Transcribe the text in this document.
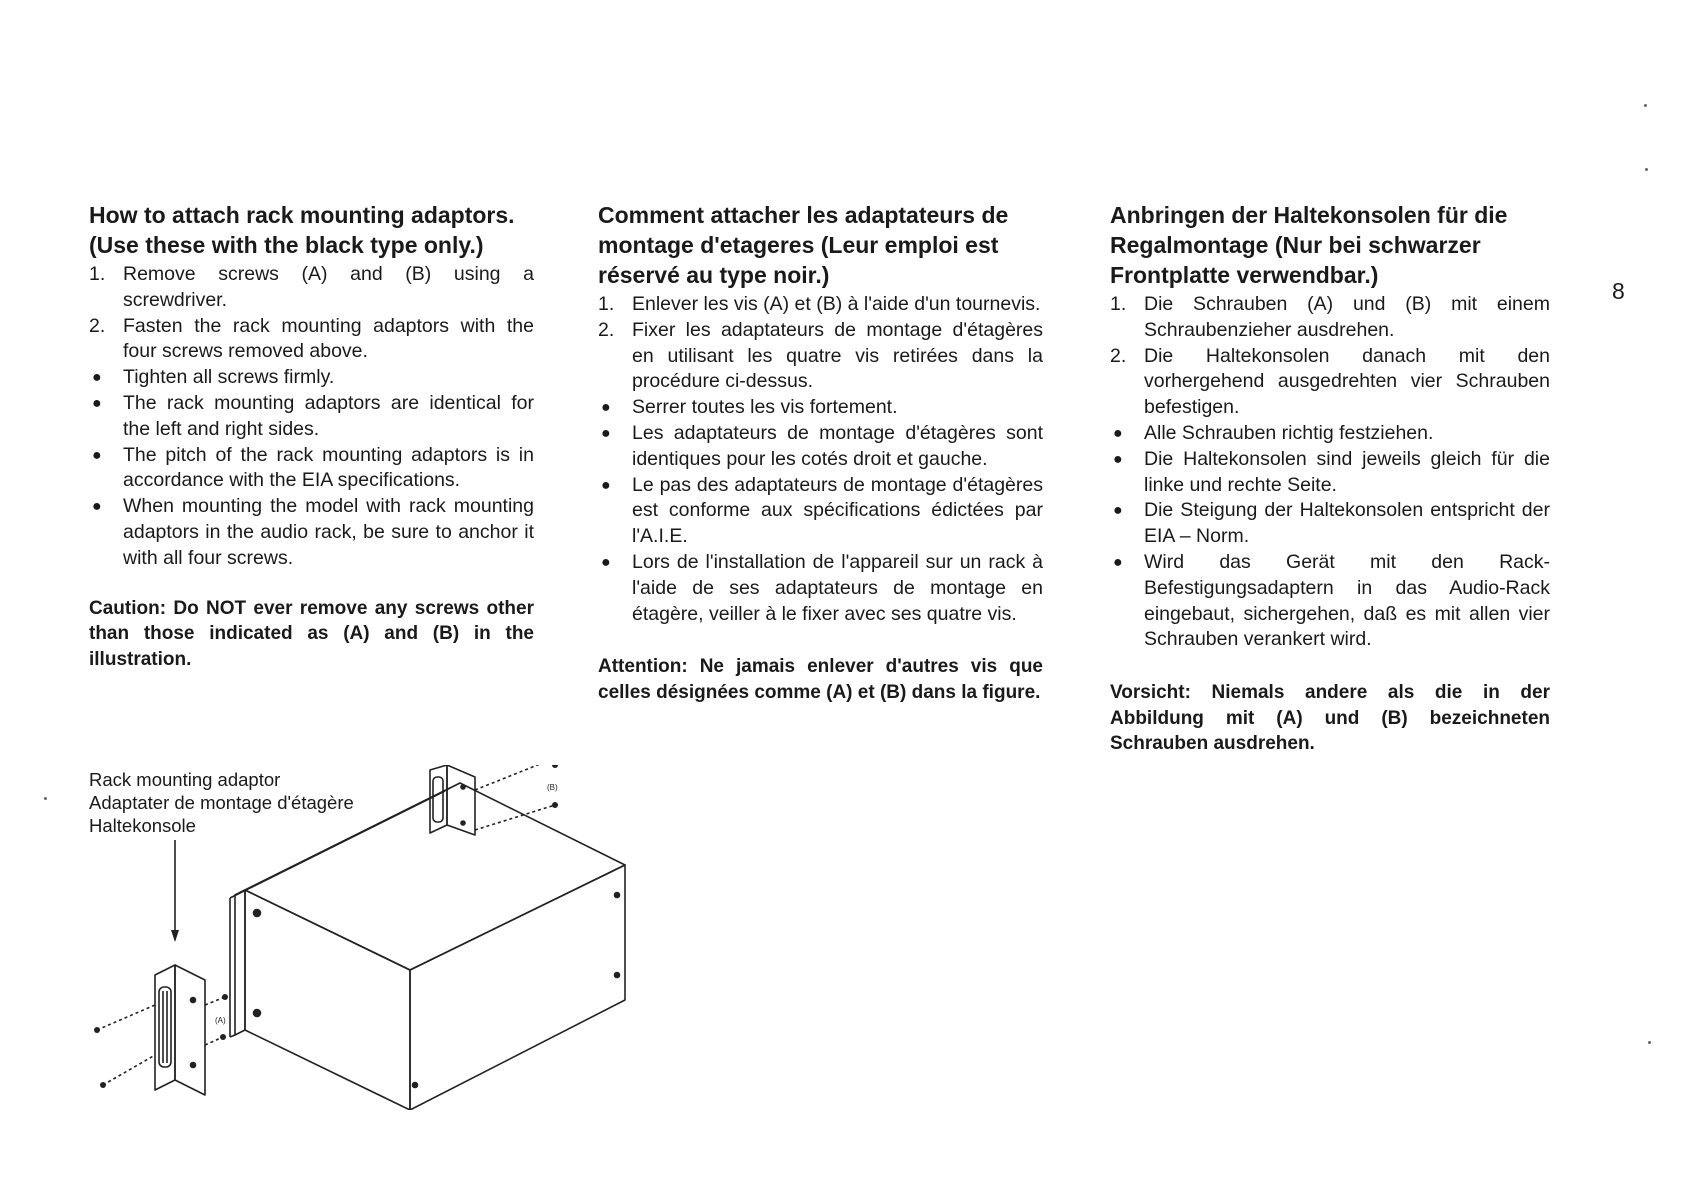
How to attach rack mounting adaptors.
(Use these with the black type only.)
1. Remove screws (A) and (B) using a screwdriver.
2. Fasten the rack mounting adaptors with the four screws removed above.
● Tighten all screws firmly.
● The rack mounting adaptors are identical for the left and right sides.
● The pitch of the rack mounting adaptors is in accordance with the EIA specifications.
● When mounting the model with rack mounting adaptors in the audio rack, be sure to anchor it with all four screws.

Caution: Do NOT ever remove any screws other than those indicated as (A) and (B) in the illustration.

Comment attacher les adaptateurs de
montage d'etageres (Leur emploi est
réservé au type noir.)
1. Enlever les vis (A) et (B) à l'aide d'un tournevis.
2. Fixer les adaptateurs de montage d'étagères en utilisant les quatre vis retirées dans la procédure ci-dessus.
● Serrer toutes les vis fortement.
● Les adaptateurs de montage d'étagères sont identiques pour les cotés droit et gauche.
● Le pas des adaptateurs de montage d'étagères est conforme aux spécifications édictées par l'A.I.E.
● Lors de l'installation de l'appareil sur un rack à l'aide de ses adaptateurs de montage en étagère, veiller à le fixer avec ses quatre vis.

Attention: Ne jamais enlever d'autres vis que celles désignées comme (A) et (B) dans la figure.

Anbringen der Haltekonsolen für die
Regalmontage (Nur bei schwarzer
Frontplatte verwendbar.)
1. Die Schrauben (A) und (B) mit einem Schraubenzieher ausdrehen.
2. Die Haltekonsolen danach mit den vorhergehend ausgedrehten vier Schrauben befestigen.
● Alle Schrauben richtig festziehen.
● Die Haltekonsolen sind jeweils gleich für die linke und rechte Seite.
● Die Steigung der Haltekonsolen entspricht der EIA – Norm.
● Wird das Gerät mit den Rack-Befestigungsadaptern in das Audio-Rack eingebaut, sichergehen, daß es mit allen vier Schrauben verankert wird.

Vorsicht: Niemals andere als die in der Abbildung mit (A) und (B) bezeichneten Schrauben ausdrehen.

8
Rack mounting adaptor
Adaptater de montage d'étagère
Haltekonsole
(A)
(B)
